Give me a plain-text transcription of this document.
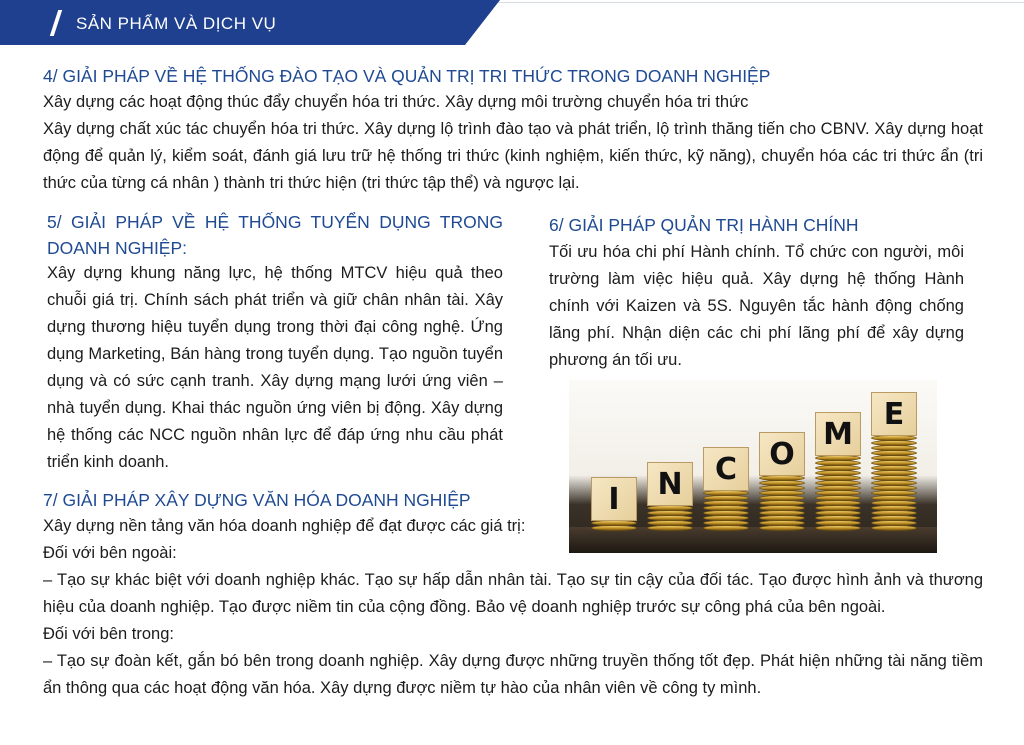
SẢN PHẨM VÀ DỊCH VỤ
4/ GIẢI PHÁP VỀ HỆ THỐNG ĐÀO TẠO VÀ QUẢN TRỊ TRI THỨC TRONG DOANH NGHIỆP

Xây dựng các hoạt động thúc đẩy chuyển hóa tri thức. Xây dựng môi trường chuyển hóa tri thức

Xây dựng chất xúc tác chuyển hóa tri thức. Xây dựng lộ trình đào tạo và phát triển, lộ trình thăng tiến cho CBNV. Xây dựng hoạt động để quản lý, kiểm soát, đánh giá lưu trữ hệ thống tri thức (kinh nghiệm, kiến thức, kỹ năng), chuyển hóa các tri thức ẩn (tri thức của từng cá nhân ) thành tri thức hiện (tri thức tập thể) và ngược lại.

5/ GIẢI PHÁP VỀ HỆ THỐNG TUYỂN DỤNG TRONG DOANH NGHIỆP:
Xây dựng khung năng lực, hệ thống MTCV hiệu quả theo chuỗi giá trị. Chính sách phát triển và giữ chân nhân tài. Xây dựng thương hiệu tuyển dụng trong thời đại công nghệ. Ứng dụng Marketing, Bán hàng trong tuyển dụng. Tạo nguồn tuyển dụng và có sức cạnh tranh. Xây dựng mạng lưới ứng viên – nhà tuyển dụng. Khai thác nguồn ứng viên bị động. Xây dựng hệ thống các NCC nguồn nhân lực để đáp ứng nhu cầu phát triển kinh doanh.
6/ GIẢI PHÁP QUẢN TRỊ HÀNH CHÍNH
Tối ưu hóa chi phí Hành chính. Tổ chức con người, môi trường làm việc hiệu quả. Xây dựng hệ thống Hành chính với Kaizen và 5S. Nguyên tắc hành động chống lãng phí. Nhận diện các chi phí lãng phí để xây dựng phương án tối ưu.
I	N	C	O
M
E
7/ GIẢI PHÁP XÂY DỰNG VĂN HÓA DOANH NGHIỆP
Xây dựng nền tảng văn hóa doanh nghiệp để đạt được các giá trị:
Đối với bên ngoài:
– Tạo sự khác biệt với doanh nghiệp khác. Tạo sự hấp dẫn nhân tài. Tạo sự tin cậy của đối tác. Tạo được hình ảnh và thương hiệu của doanh nghiệp. Tạo được niềm tin của cộng đồng. Bảo vệ doanh nghiệp trước sự công phá của bên ngoài.
Đối với bên trong:
– Tạo sự đoàn kết, gắn bó bên trong doanh nghiệp. Xây dựng được những truyền thống tốt đẹp. Phát hiện những tài năng tiềm ẩn thông qua các hoạt động văn hóa. Xây dựng được niềm tự hào của nhân viên về công ty mình.
